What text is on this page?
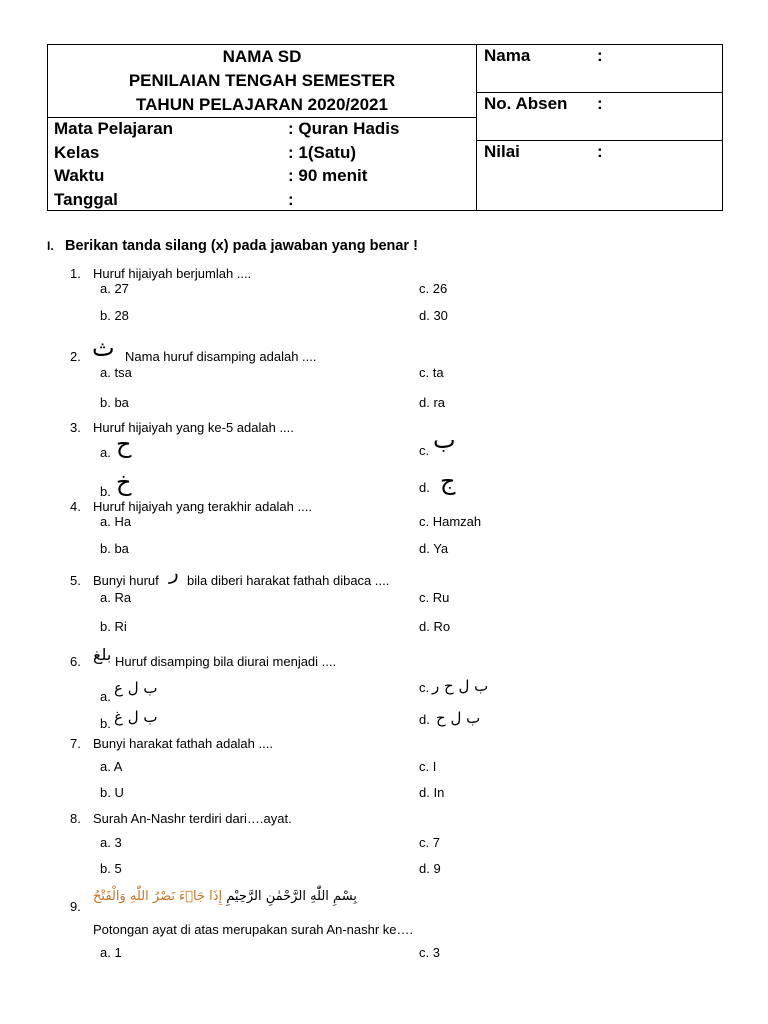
NAMA SD
PENILAIAN TENGAH SEMESTER
TAHUN PELAJARAN 2020/2021
Mata Pelajaran	: Quran Hadis
Kelas	: 1(Satu)
Waktu	: 90 menit
Tanggal	:
Nama	:
No. Absen :
Nilai	:
I. Berikan tanda silang (x) pada jawaban yang benar !
1. Huruf hijaiyah berjumlah ....
a. 27	c. 26
b. 28	d. 30
2. ث Nama huruf disamping adalah ....
a. tsa	c. ta
b. ba	d. ra
3. Huruf hijaiyah yang ke-5 adalah ....
a. ح	c. ب
b. خ	d. ج
4. Huruf hijaiyah yang terakhir adalah ....
a. Ha	c. Hamzah
b. ba	d. Ya
5. Bunyi huruf ر bila diberi harakat fathah dibaca ....
a. Ra	c. Ru
b. Ri	d. Ro
6. بلغ Huruf disamping bila diurai menjadi ....
a. ب ل ع	c. ب ل ح ر
b. ب ل غ	d. ب ل ح
7. Bunyi harakat fathah adalah ....
a. A	c. I
b. U	d. In
8. Surah An-Nashr terdiri dari….ayat.
a. 3	c. 7
b. 5	d. 9
9.
بِسْمِ اللّٰهِ الرَّحْمٰنِ الرَّحِيْمِ إِذَا جَاۤءَ نَصْرُ اللّٰهِ وَالْفَتْحُ
Potongan ayat di atas merupakan surah An-nashr ke….
a. 1	c. 3
